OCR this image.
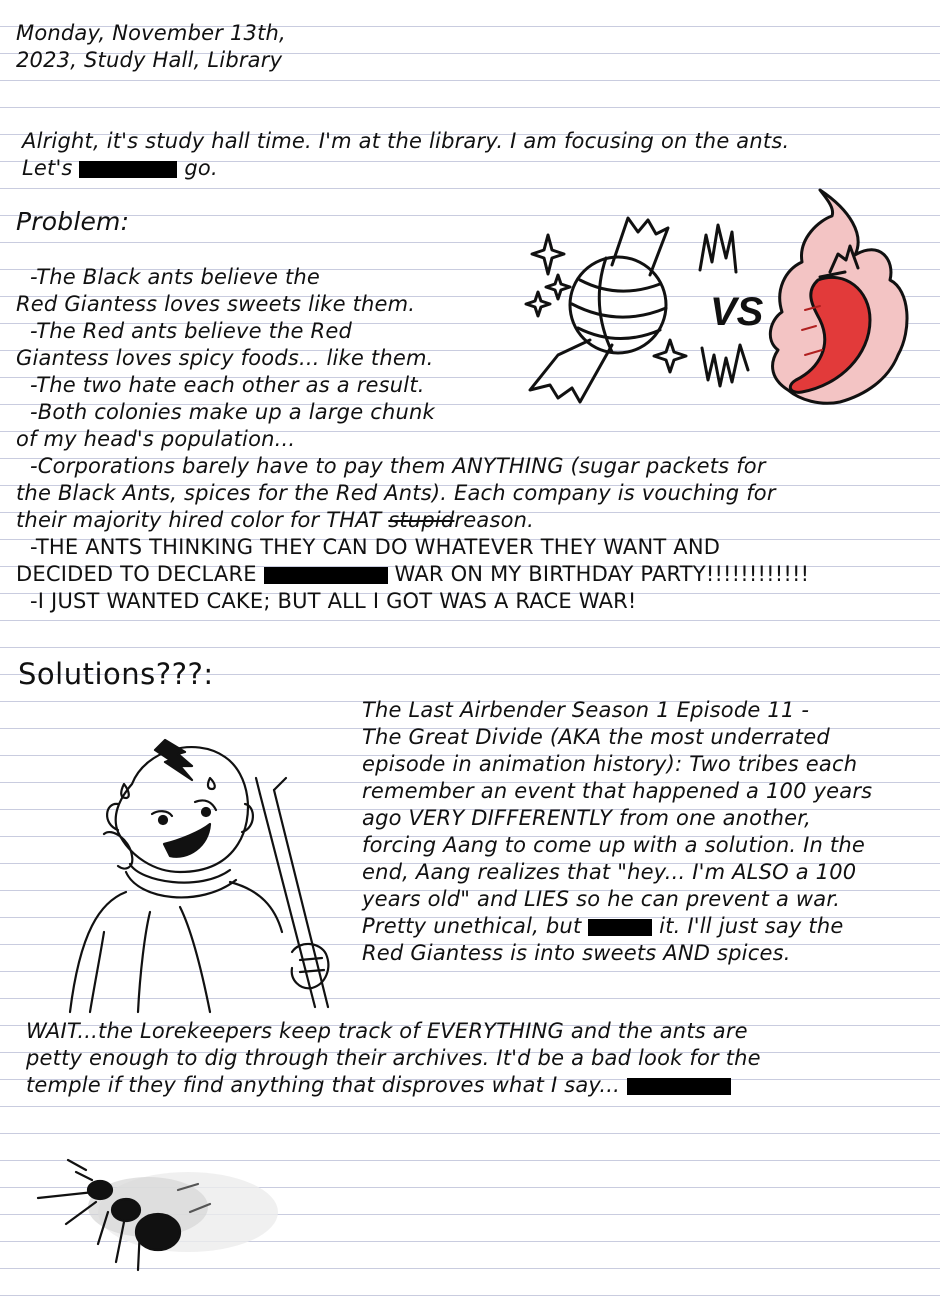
Monday, November 13th,

2023, Study Hall, Library

Alright, it's study hall time. I'm at the library. I am focusing on the ants.

Let's	go.

Problem:

-The Black ants believe the

Red Giantess loves sweets like them.

-The Red ants believe the Red

Giantess loves spicy foods... like them.

-The two hate each other as a result.

-Both colonies make up a large chunk

of my head's population...

-Corporations barely have to pay them ANYTHING (sugar packets for

the Black Ants, spices for the Red Ants). Each company is vouching for

their majority hired color for THAT stupidreason.

-THE ANTS THINKING THEY CAN DO WHATEVER THEY WANT AND

DECIDED TO DECLARE	WAR ON MY BIRTHDAY PARTY!!!!!!!!!!!!

-I JUST WANTED CAKE; BUT ALL I GOT WAS A RACE WAR!

VS

Solutions???:

The Last Airbender Season 1 Episode 11 -

The Great Divide (AKA the most underrated

episode in animation history): Two tribes each

remember an event that happened a 100 years

ago VERY DIFFERENTLY from one another,

forcing Aang to come up with a solution. In the

end, Aang realizes that "hey... I'm ALSO a 100

years old" and LIES so he can prevent a war.

Pretty unethical, but	it. I'll just say the

Red Giantess is into sweets AND spices.

WAIT...the Lorekeepers keep track of EVERYTHING and the ants are

petty enough to dig through their archives. It'd be a bad look for the

temple if they find anything that disproves what I say...
